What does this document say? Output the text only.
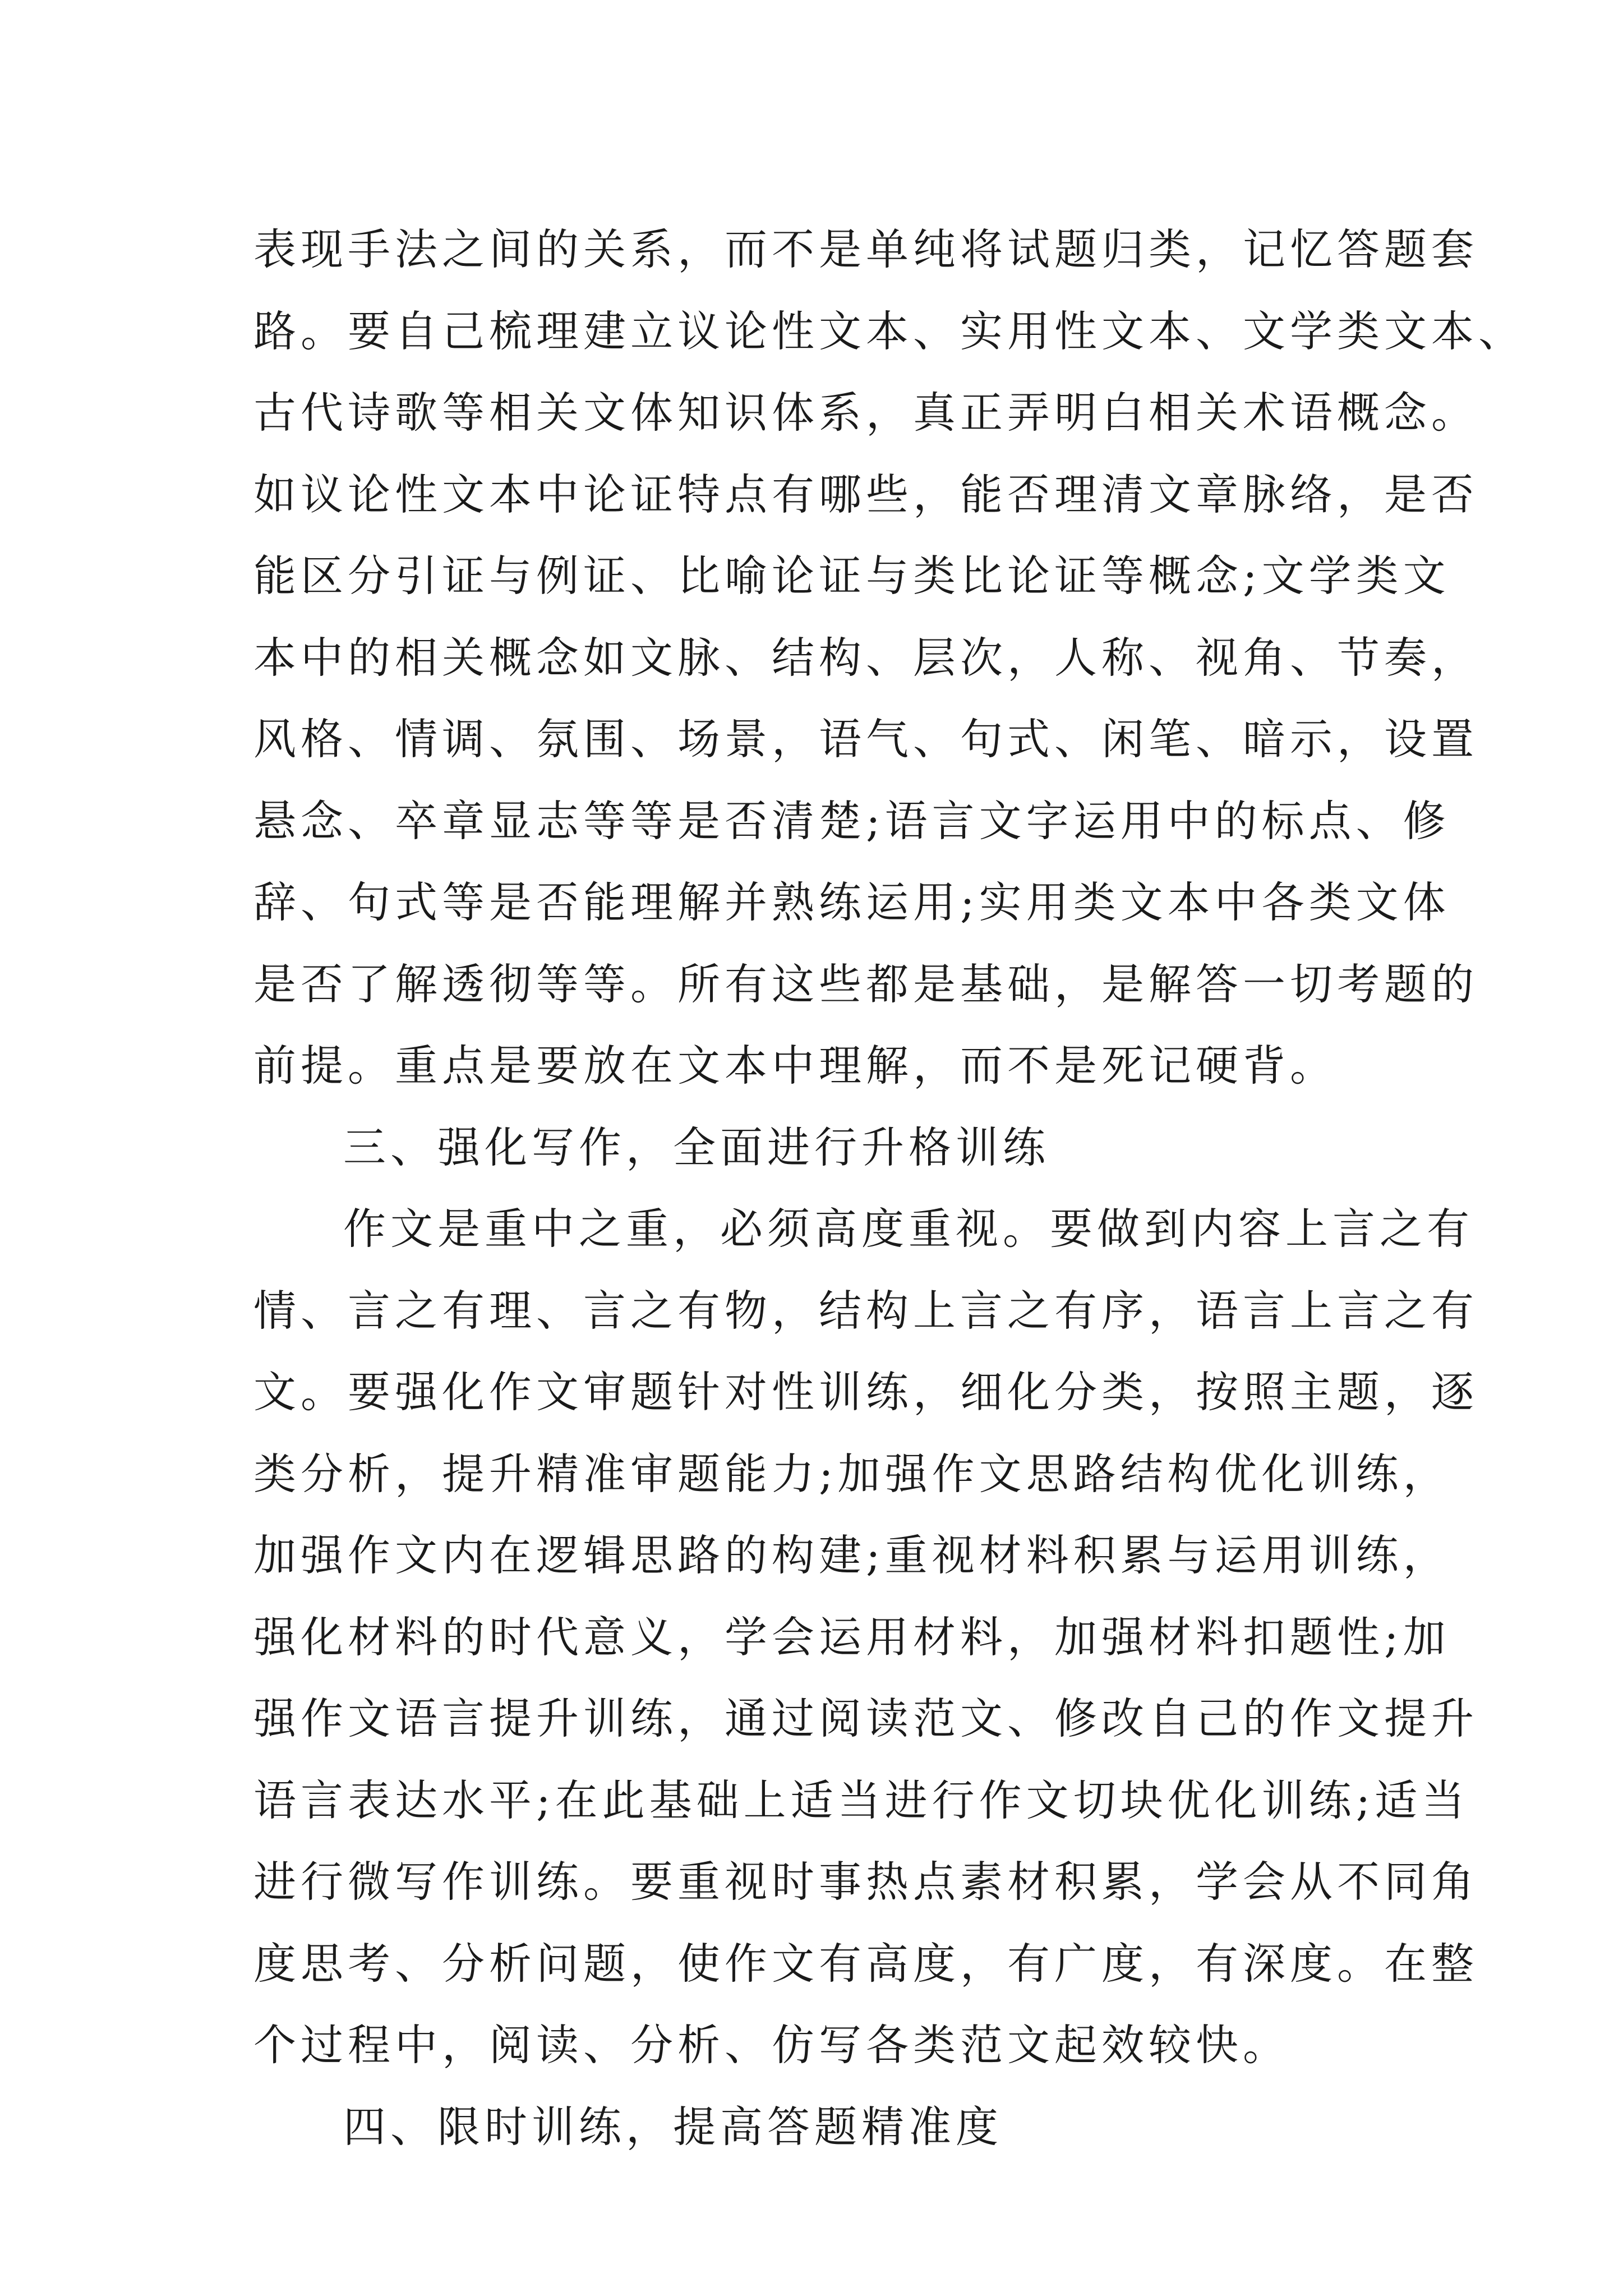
表现手法之间的关系，而不是单纯将试题归类，记忆答题套
路。要自己梳理建立议论性文本、实用性文本、文学类文本、
古代诗歌等相关文体知识体系，真正弄明白相关术语概念。
如议论性文本中论证特点有哪些，能否理清文章脉络，是否
能区分引证与例证、比喻论证与类比论证等概念;文学类文
本中的相关概念如文脉、结构、层次，人称、视角、节奏，
风格、情调、氛围、场景，语气、句式、闲笔、暗示，设置
悬念、卒章显志等等是否清楚;语言文字运用中的标点、修
辞、句式等是否能理解并熟练运用;实用类文本中各类文体
是否了解透彻等等。所有这些都是基础，是解答一切考题的
前提。重点是要放在文本中理解，而不是死记硬背。
三、强化写作，全面进行升格训练
作文是重中之重，必须高度重视。要做到内容上言之有
情、言之有理、言之有物，结构上言之有序，语言上言之有
文。要强化作文审题针对性训练，细化分类，按照主题，逐
类分析，提升精准审题能力;加强作文思路结构优化训练，
加强作文内在逻辑思路的构建;重视材料积累与运用训练，
强化材料的时代意义，学会运用材料，加强材料扣题性;加
强作文语言提升训练，通过阅读范文、修改自己的作文提升
语言表达水平;在此基础上适当进行作文切块优化训练;适当
进行微写作训练。要重视时事热点素材积累，学会从不同角
度思考、分析问题，使作文有高度，有广度，有深度。在整
个过程中，阅读、分析、仿写各类范文起效较快。
四、限时训练，提高答题精准度
